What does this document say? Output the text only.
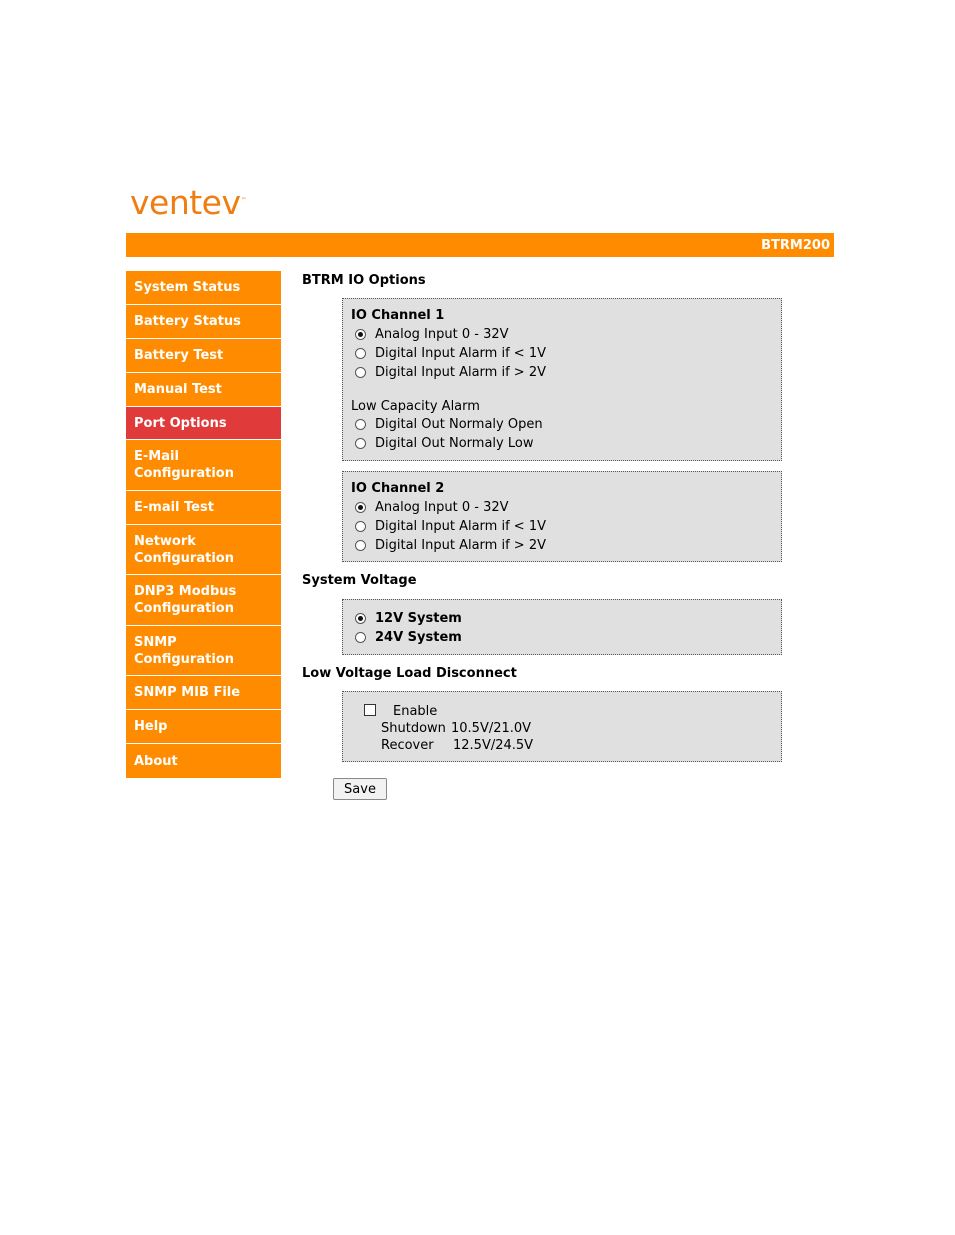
ventev™
BTRM200
System Status
Battery Status
Battery Test
Manual Test
Port Options
E-Mail
Configuration
E-mail Test
Network
Configuration
DNP3 Modbus
Configuration
SNMP
Configuration
SNMP MIB File
Help
About
BTRM IO Options
IO Channel 1
Analog Input 0 - 32V
Digital Input Alarm if < 1V
Digital Input Alarm if > 2V
Low Capacity Alarm
Digital Out Normaly Open
Digital Out Normaly Low
IO Channel 2
Analog Input 0 - 32V
Digital Input Alarm if < 1V
Digital Input Alarm if > 2V
System Voltage
12V System
24V System
Low Voltage Load Disconnect
Enable
Shutdown 10.5V/21.0V
Recover 12.5V/24.5V
Save
